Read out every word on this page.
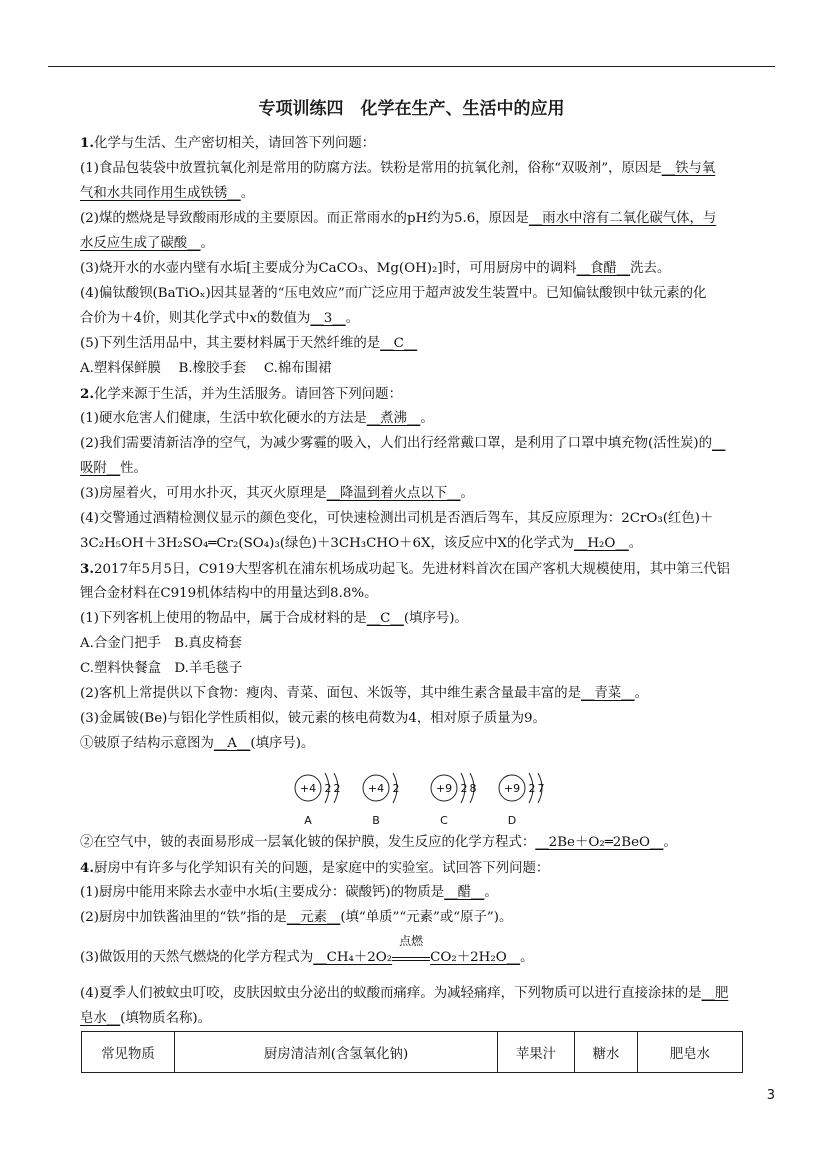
专项训练四　化学在生产、生活中的应用
1.化学与生活、生产密切相关，请回答下列问题：
(1)食品包装袋中放置抗氧化剂是常用的防腐方法。铁粉是常用的抗氧化剂，俗称“双吸剂”，原因是__铁与氧
气和水共同作用生成铁锈__。
(2)煤的燃烧是导致酸雨形成的主要原因。而正常雨水的pH约为5.6，原因是__雨水中溶有二氧化碳气体，与
水反应生成了碳酸__。
(3)烧开水的水壶内壁有水垢[主要成分为CaCO₃、Mg(OH)₂]时，可用厨房中的调料__食醋__洗去。
(4)偏钛酸钡(BaTiOₓ)因其显著的“压电效应”而广泛应用于超声波发生装置中。已知偏钛酸钡中钛元素的化
合价为＋4价，则其化学式中x的数值为__3__。
(5)下列生活用品中，其主要材料属于天然纤维的是__C__
A.塑料保鲜膜　 B.橡胶手套　 C.棉布围裙
2.化学来源于生活，并为生活服务。请回答下列问题：
(1)硬水危害人们健康，生活中软化硬水的方法是__煮沸__。
(2)我们需要清新洁净的空气，为减少雾霾的吸入，人们出行经常戴口罩，是利用了口罩中填充物(活性炭)的__
吸附__性。
(3)房屋着火，可用水扑灭，其灭火原理是__降温到着火点以下__。
(4)交警通过酒精检测仪显示的颜色变化，可快速检测出司机是否酒后驾车，其反应原理为：2CrO₃(红色)＋
3C₂H₅OH＋3H₂SO₄═Cr₂(SO₄)₃(绿色)＋3CH₃CHO＋6X，该反应中X的化学式为__H₂O__。
3.2017年5月5日，C919大型客机在浦东机场成功起飞。先进材料首次在国产客机大规模使用，其中第三代铝
锂合金材料在C919机体结构中的用量达到8.8%。
(1)下列客机上使用的物品中，属于合成材料的是__C__(填序号)。
A.合金门把手　B.真皮椅套
C.塑料快餐盒　D.羊毛毯子
(2)客机上常提供以下食物：瘦肉、青菜、面包、米饭等，其中维生素含量最丰富的是__青菜__。
(3)金属铍(Be)与铝化学性质相似，铍元素的核电荷数为4，相对原子质量为9。
①铍原子结构示意图为__A__(填序号)。
+4 2 2
A
+4 2
B
+9 2 8
C
+9 2 7
D
②在空气中，铍的表面易形成一层氧化铍的保护膜，发生反应的化学方程式：__2Be＋O₂═2BeO__。
4.厨房中有许多与化学知识有关的问题，是家庭中的实验室。试回答下列问题：
(1)厨房中能用来除去水壶中水垢(主要成分：碳酸钙)的物质是__醋__。
(2)厨房中加铁酱油里的“铁”指的是__元素__(填“单质”“元素”或“原子”)。
(3)做饭用的天然气燃烧的化学方程式为__CH₄＋2O₂
点燃
CO₂＋2H₂O__。
(4)夏季人们被蚊虫叮咬，皮肤因蚊虫分泌出的蚁酸而痛痒。为减轻痛痒，下列物质可以进行直接涂抹的是__肥
皂水__(填物质名称)。
常见物质	厨房清洁剂(含氢氧化钠)	苹果汁	糖水	肥皂水
3
